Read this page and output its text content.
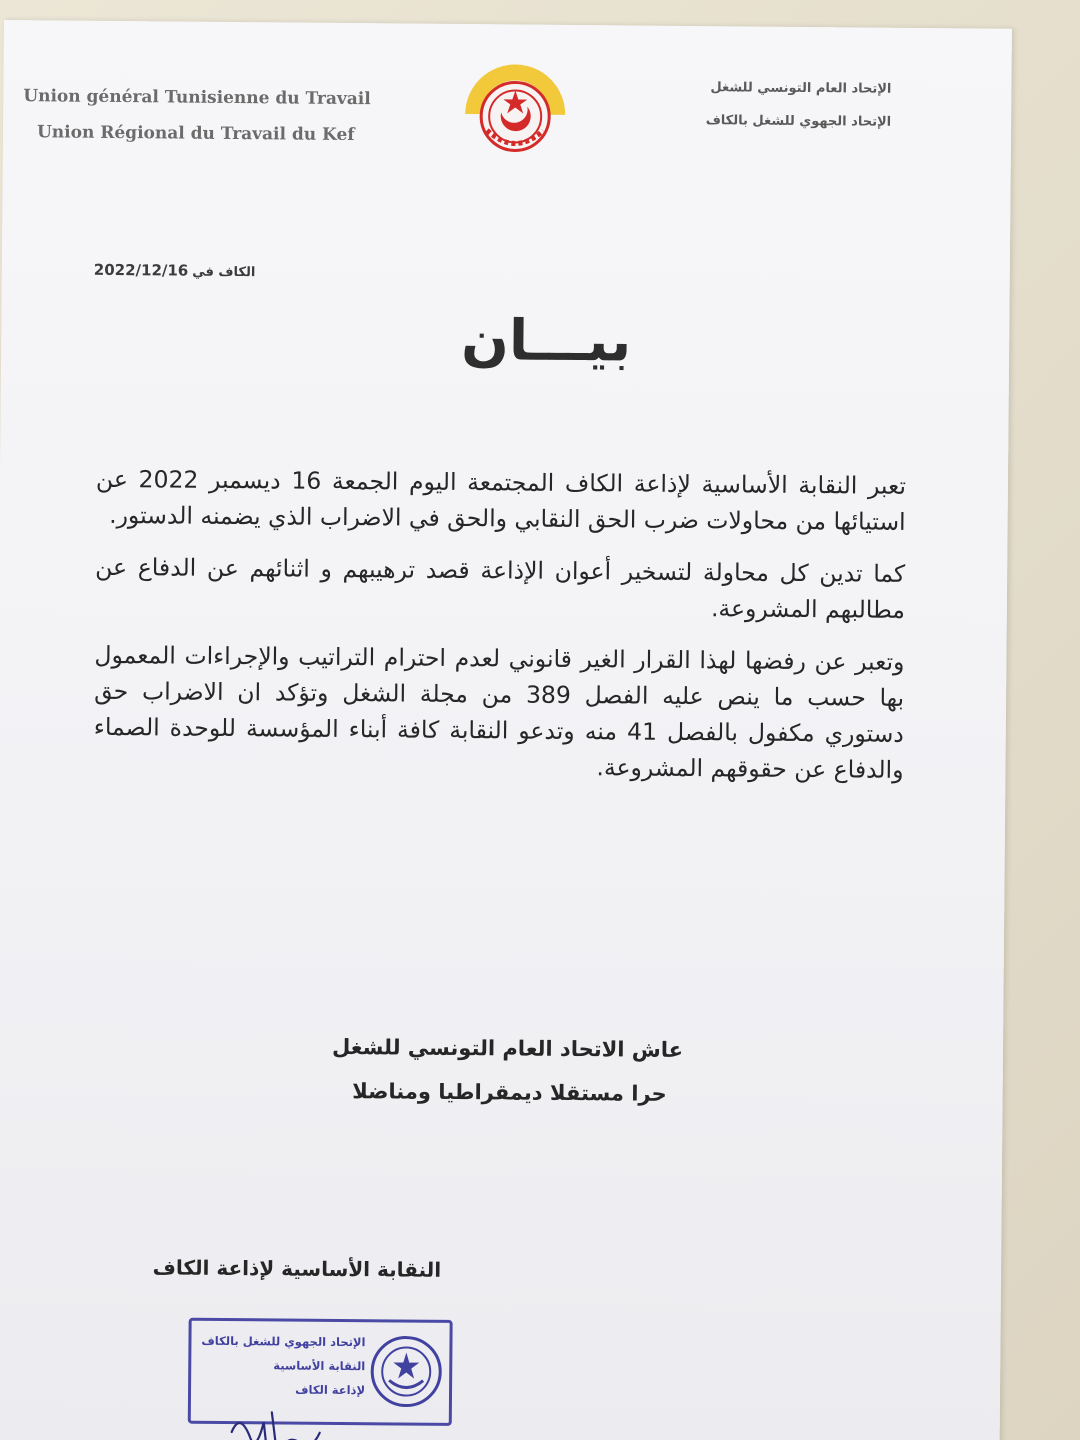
Union général Tunisienne du Travail
Union Régional du Travail du Kef
الإتحاد العام التونسي للشغل
الإتحاد الجهوي للشغل بالكاف
2022/12/16 الكاف في
بيـــان

تعبر النقابة الأساسية لإذاعة الكاف المجتمعة اليوم الجمعة 16 ديسمبر 2022 عن استيائها من محاولات ضرب الحق النقابي والحق في الاضراب الذي يضمنه الدستور.

كما تدين كل محاولة لتسخير أعوان الإذاعة قصد ترهيبهم و اثنائهم عن الدفاع عن مطالبهم المشروعة.

وتعبر عن رفضها لهذا القرار الغير قانوني لعدم احترام التراتيب والإجراءات المعمول بها حسب ما ينص عليه الفصل 389 من مجلة الشغل وتؤكد ان الاضراب حق دستوري مكفول بالفصل 41 منه وتدعو النقابة كافة أبناء المؤسسة للوحدة الصماء والدفاع عن حقوقهم المشروعة.

عاش الاتحاد العام التونسي للشغل
حرا مستقلا ديمقراطيا ومناضلا
النقابة الأساسية لإذاعة الكاف
الإتحاد الجهوي للشغل بالكاف
النقابة الأساسية
لإذاعة الكاف
